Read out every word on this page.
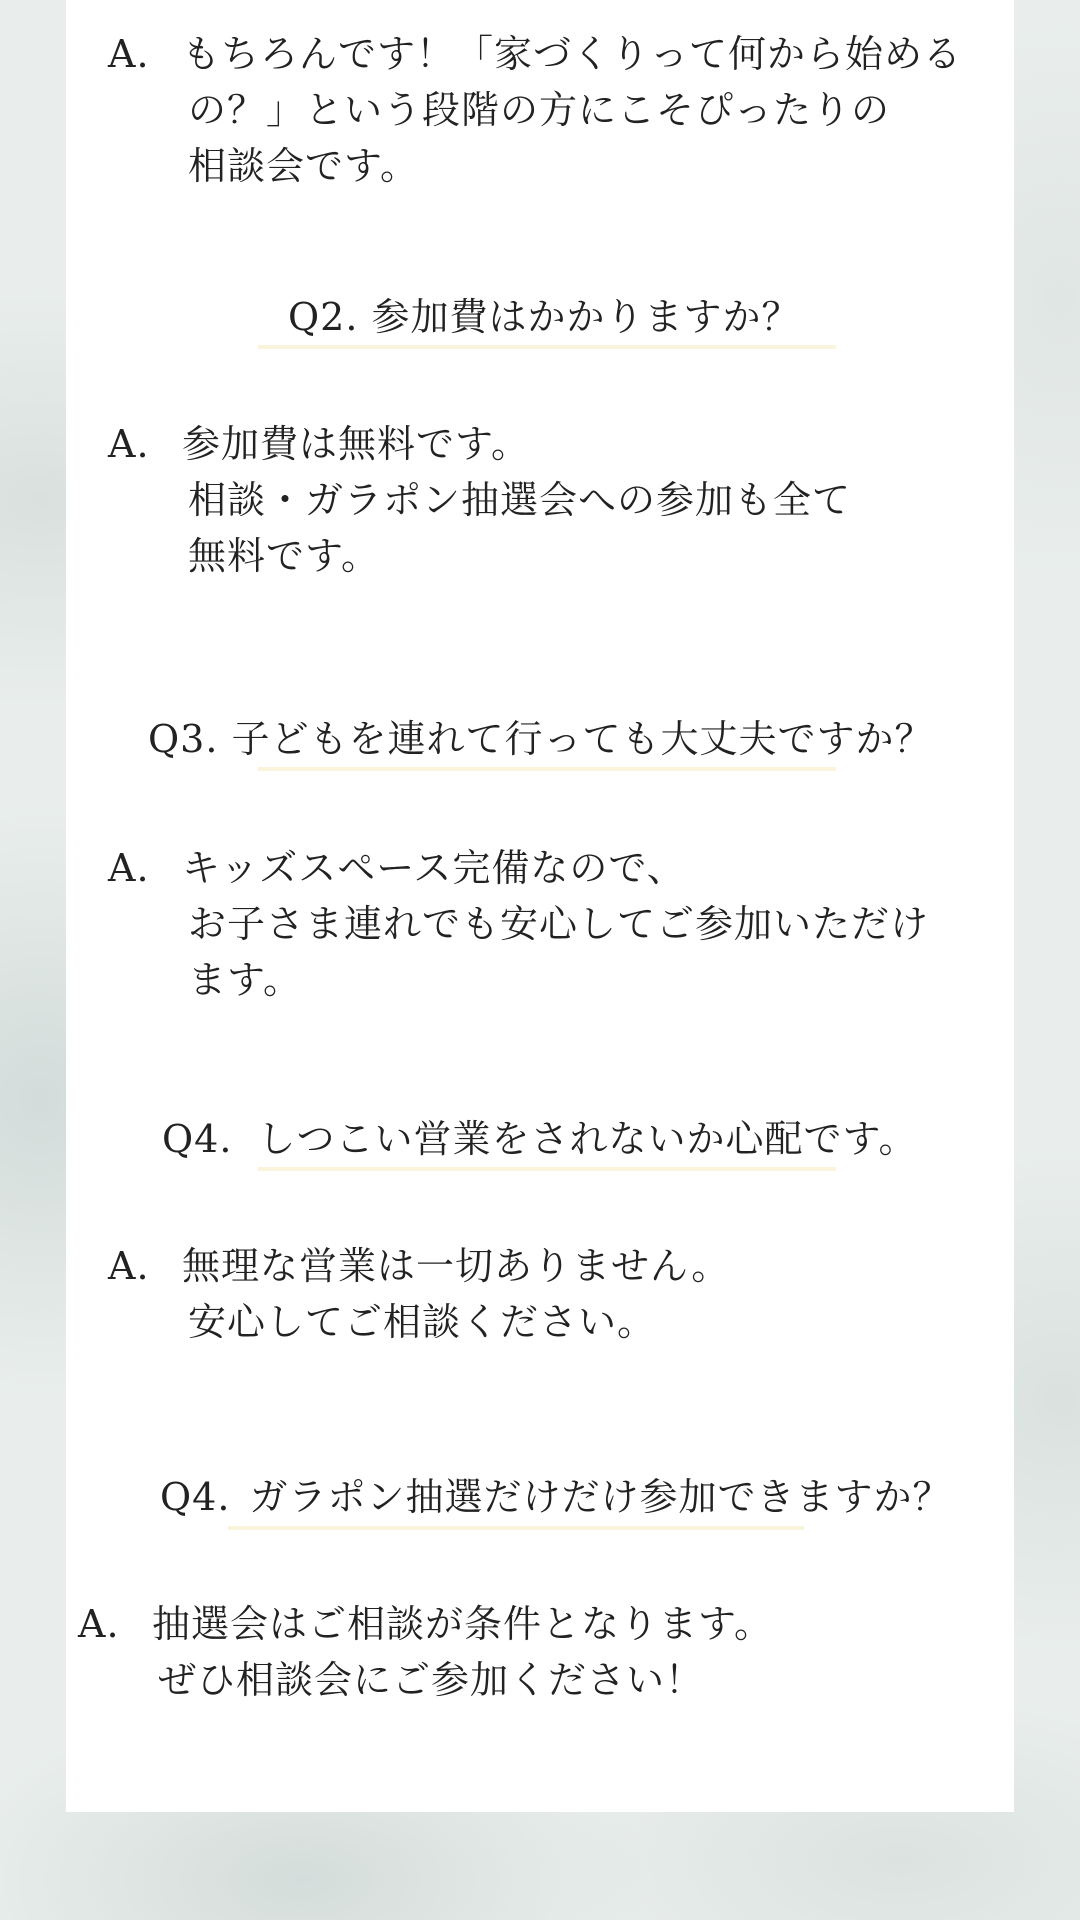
A. もちろんです！「家づくりって何から始める
の？」という段階の方にこそぴったりの
相談会です。
Q2. 参加費はかかりますか？
A. 参加費は無料です。
相談・ガラポン抽選会への参加も全て
無料です。
Q3. 子どもを連れて行っても大丈夫ですか？
A. キッズスペース完備なので、
お子さま連れでも安心してご参加いただけ
ます。
Q4. しつこい営業をされないか心配です。
A. 無理な営業は一切ありません。
安心してご相談ください。
Q4. ガラポン抽選だけだけ参加できますか？
A. 抽選会はご相談が条件となります。
ぜひ相談会にご参加ください！
